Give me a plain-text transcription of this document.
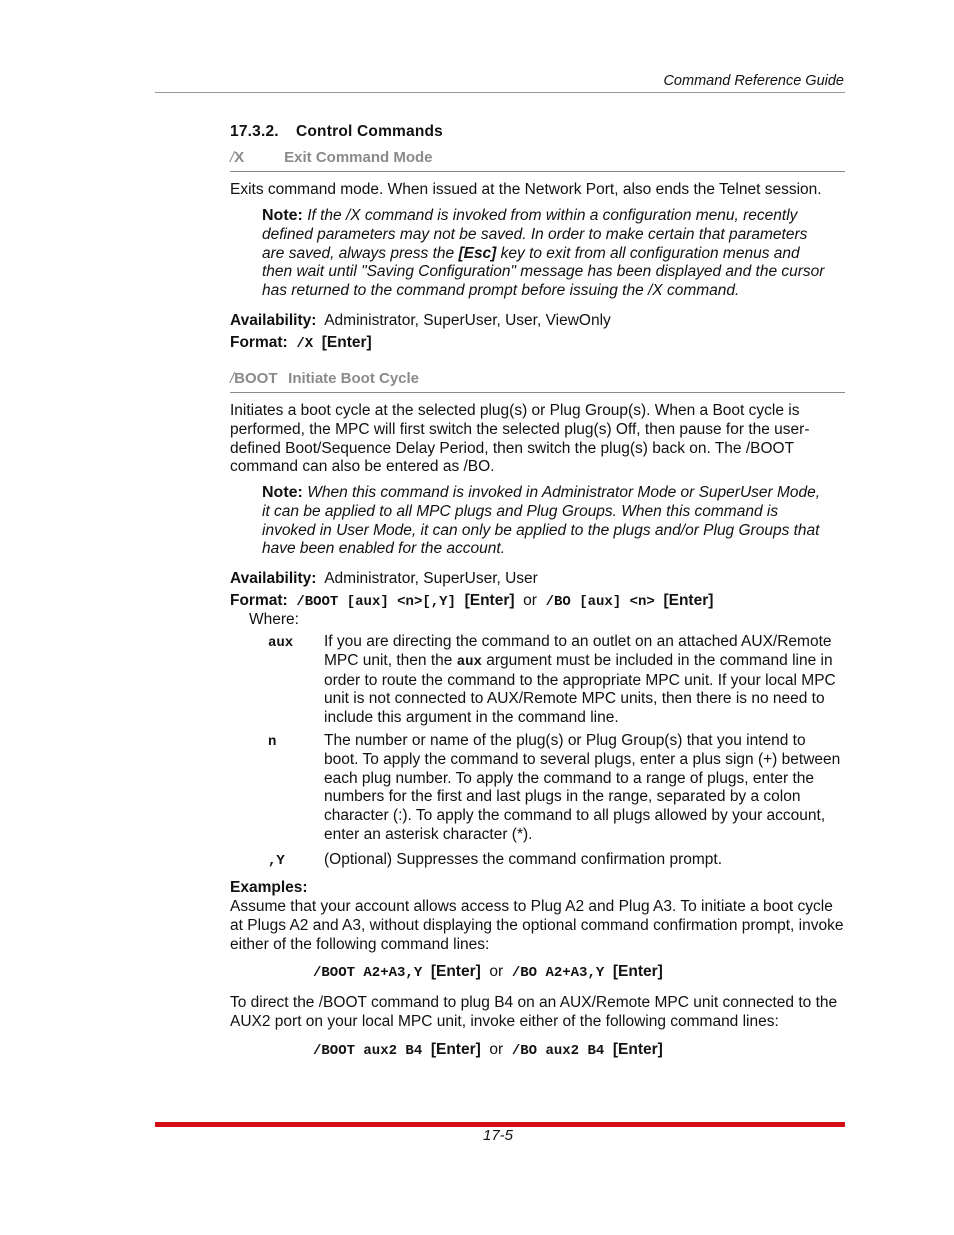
Command Reference Guide
17.3.2. Control Commands
/X	Exit Command Mode
Exits command mode. When issued at the Network Port, also ends the Telnet session.
Note: If the /X command is invoked from within a configuration menu, recently defined parameters may not be saved. In order to make certain that parameters are saved, always press the [Esc] key to exit from all configuration menus and then wait until "Saving Configuration" message has been displayed and the cursor has returned to the command prompt before issuing the /X command.
Availability: Administrator, SuperUser, User, ViewOnly
Format: /X [Enter]
/BOOT Initiate Boot Cycle
Initiates a boot cycle at the selected plug(s) or Plug Group(s). When a Boot cycle is performed, the MPC will first switch the selected plug(s) Off, then pause for the user-defined Boot/Sequence Delay Period, then switch the plug(s) back on. The /BOOT command can also be entered as /BO.
Note: When this command is invoked in Administrator Mode or SuperUser Mode, it can be applied to all MPC plugs and Plug Groups. When this command is invoked in User Mode, it can only be applied to the plugs and/or Plug Groups that have been enabled for the account.
Availability: Administrator, SuperUser, User
Format: /BOOT [aux] <n>[,Y] [Enter] or /BO [aux] <n> [Enter]
Where:
aux If you are directing the command to an outlet on an attached AUX/Remote MPC unit, then the aux argument must be included in the command line in order to route the command to the appropriate MPC unit. If your local MPC unit is not connected to AUX/Remote MPC units, then there is no need to include this argument in the command line.
n	The number or name of the plug(s) or Plug Group(s) that you intend to boot. To apply the command to several plugs, enter a plus sign (+) between each plug number. To apply the command to a range of plugs, enter the numbers for the first and last plugs in the range, separated by a colon character (:). To apply the command to all plugs allowed by your account, enter an asterisk character (*).
,Y	(Optional) Suppresses the command confirmation prompt.
Examples:
Assume that your account allows access to Plug A2 and Plug A3. To initiate a boot cycle at Plugs A2 and A3, without displaying the optional command confirmation prompt, invoke either of the following command lines:
/BOOT A2+A3,Y [Enter] or /BO A2+A3,Y [Enter]
To direct the /BOOT command to plug B4 on an AUX/Remote MPC unit connected to the AUX2 port on your local MPC unit, invoke either of the following command lines:
/BOOT aux2 B4 [Enter] or /BO aux2 B4 [Enter]
17-5
